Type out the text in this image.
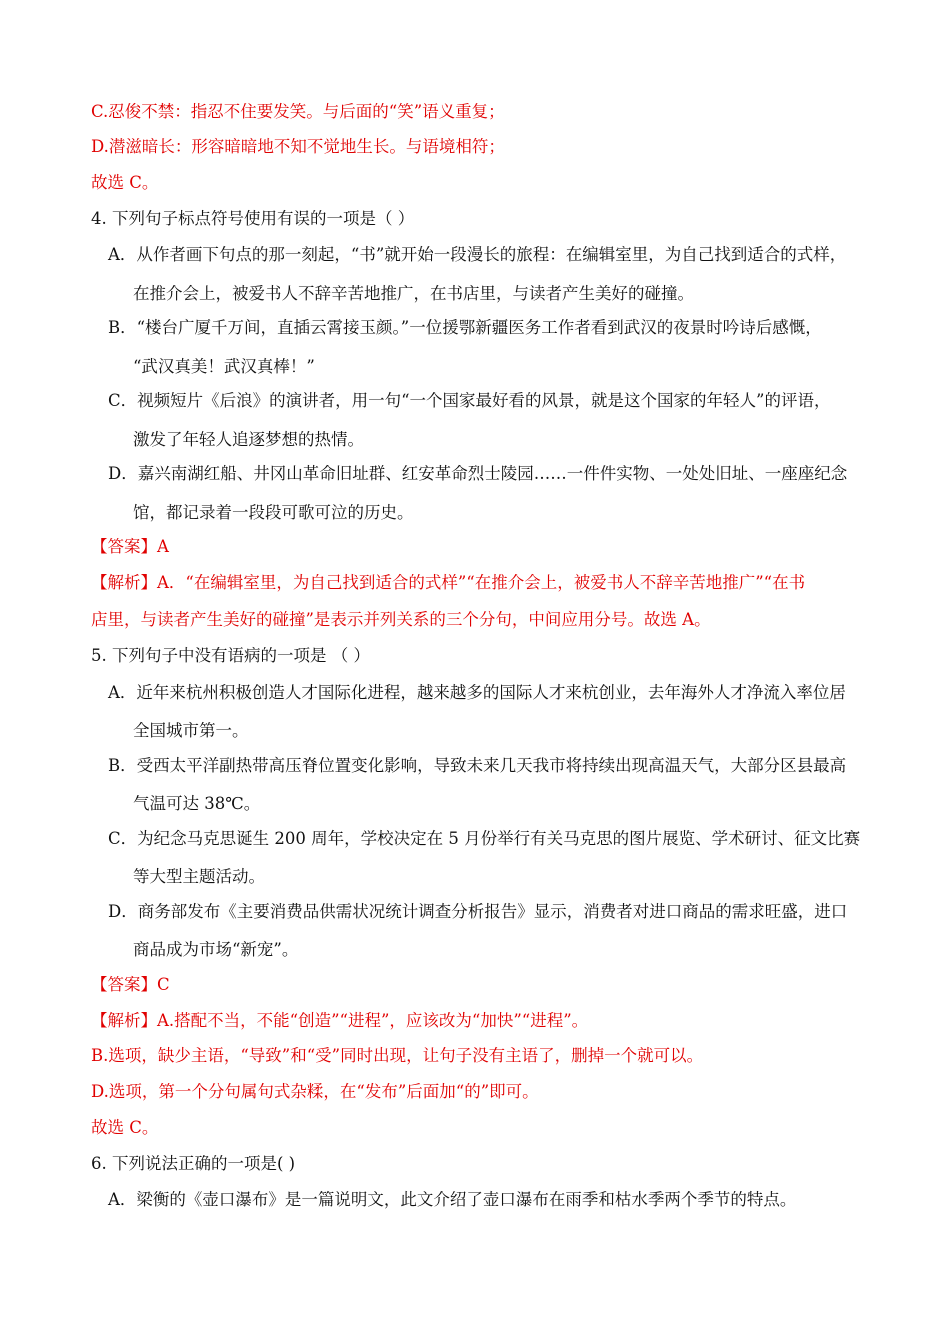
C.忍俊不禁：指忍不住要发笑。与后面的“笑”语义重复；
D.潜滋暗长：形容暗暗地不知不觉地生长。与语境相符；
故选 C。
4. 下列句子标点符号使用有误的一项是（ ）
A．从作者画下句点的那一刻起，“书”就开始一段漫长的旅程：在编辑室里，为自己找到适合的式样，
在推介会上，被爱书人不辞辛苦地推广，在书店里，与读者产生美好的碰撞。
B．“楼台广厦千万间，直插云霄接玉颜。”一位援鄂新疆医务工作者看到武汉的夜景时吟诗后感慨，
“武汉真美！武汉真棒！”
C．视频短片《后浪》的演讲者，用一句“一个国家最好看的风景，就是这个国家的年轻人”的评语，
激发了年轻人追逐梦想的热情。
D．嘉兴南湖红船、井冈山革命旧址群、红安革命烈士陵园……一件件实物、一处处旧址、一座座纪念
馆，都记录着一段段可歌可泣的历史。
【答案】A
【解析】A．“在编辑室里，为自己找到适合的式样”“在推介会上，被爱书人不辞辛苦地推广”“在书
店里，与读者产生美好的碰撞”是表示并列关系的三个分句，中间应用分号。故选 A。
5. 下列句子中没有语病的一项是 （ ）
A．近年来杭州积极创造人才国际化进程，越来越多的国际人才来杭创业，去年海外人才净流入率位居
全国城市第一。
B．受西太平洋副热带高压脊位置变化影响，导致未来几天我市将持续出现高温天气，大部分区县最高
气温可达 38℃。
C．为纪念马克思诞生 200 周年，学校决定在 5 月份举行有关马克思的图片展览、学术研讨、征文比赛
等大型主题活动。
D．商务部发布《主要消费品供需状况统计调查分析报告》显示，消费者对进口商品的需求旺盛，进口
商品成为市场“新宠”。
【答案】C
【解析】A.搭配不当，不能“创造”“进程”，应该改为“加快”“进程”。
B.选项，缺少主语，“导致”和“受”同时出现，让句子没有主语了，删掉一个就可以。
D.选项，第一个分句属句式杂糅，在“发布”后面加“的”即可。
故选 C。
6. 下列说法正确的一项是( )
A．梁衡的《壶口瀑布》是一篇说明文，此文介绍了壶口瀑布在雨季和枯水季两个季节的特点。
